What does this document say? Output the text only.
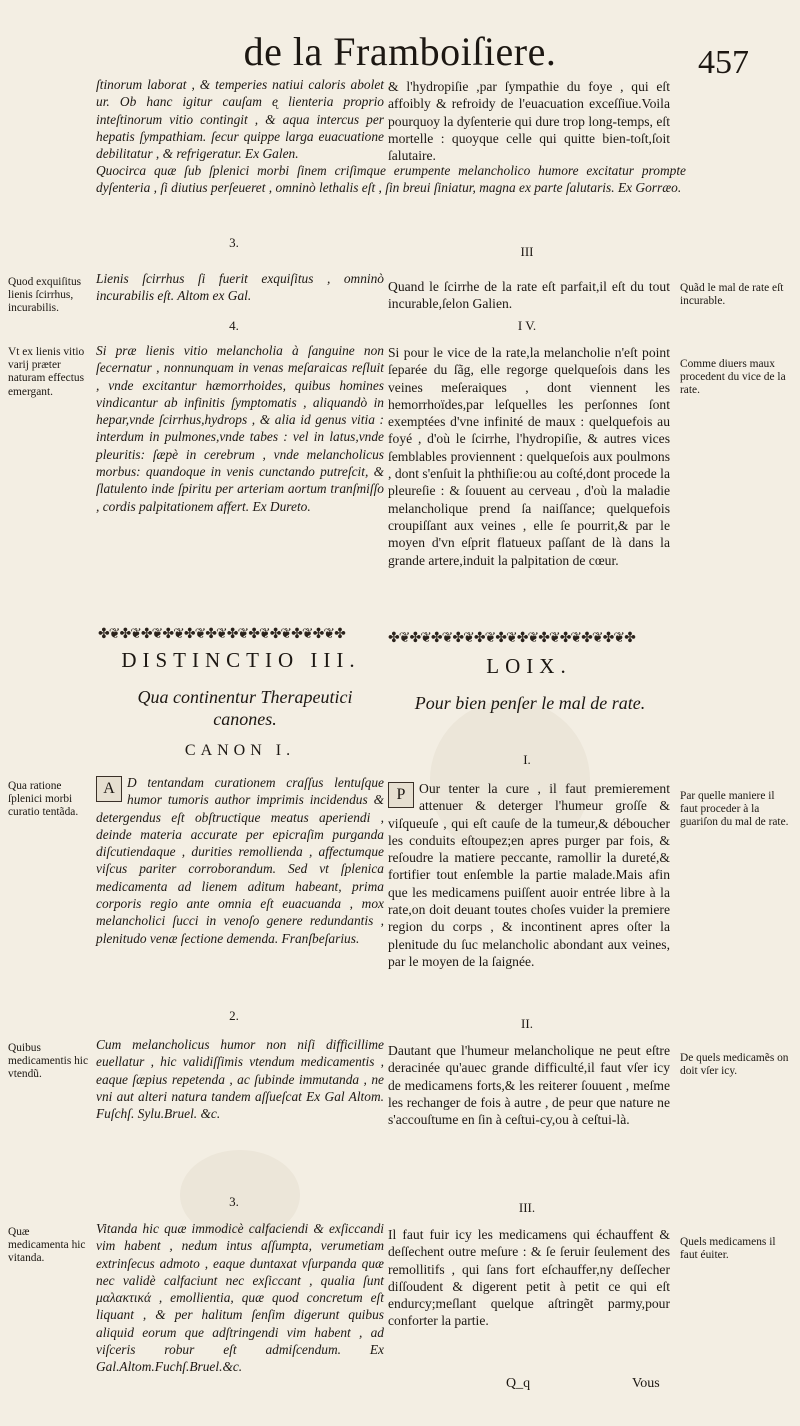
de la Framboiſiere.	457
ſtinorum laborat , & temperies natiui caloris abolet ur. Ob hanc igitur cauſam ᶒ lienteria proprio inteſtinorum vitio contingit , & aqua intercus per hepatis ſympathiam. ſecur quippe larga euacuatione debilitatur , & refrigeratur. Ex Galen.
& l'hydropiſie ,par ſympathie du foye , qui eſt affoibly & refroidy de l'euacuation exceſſiue.Voila pourquoy la dyſenterie qui dure trop long-temps, eſt mortelle : quoyque celle qui quitte bien-toſt,ſoit ſalutaire.
Quocirca quæ ſub ſplenici morbi ſinem criſimque erumpente melancholico humore excitatur prompte dyſenteria , ſi diutius perſeueret , omninò lethalis eſt , ſin breui ſiniatur, magna ex parte ſalutaris. Ex Gorræo.
3.
III
Quod exquiſitus lienis ſcirrhus, incurabilis.
Lienis ſcirrhus ſi fuerit exquiſitus , omninò incurabilis eſt. Altom ex Gal.
Quand le ſcirrhe de la rate eſt parfait,il eſt du tout incurable,ſelon Galien.
Quãd le mal de rate eſt incurable.
4.	I V.
Vt ex lienis vitio varij præter naturam effectus emergant.
Si præ lienis vitio melancholia à ſanguine non ſecernatur , nonnunquam in venas meſaraicas reſluit , vnde excitantur hæmorrhoides, quibus homines vindicantur ab infinitis ſymptomatis , aliquandò in hepar,vnde ſcirrhus,hydrops , & alia id genus vitia : interdum in pulmones,vnde tabes : vel in latus,vnde pleuritis: ſæpè in cerebrum , vnde melancholicus morbus: quandoque in venis cunctando putreſcit, & ſlatulento inde ſpiritu per arteriam aortum tranſmiſſo , cordis palpitationem affert. Ex Dureto.
Si pour le vice de la rate,la melancholie n'eſt point ſeparée du ſãg, elle regorge quelqueſois dans les veines meſeraiques , dont viennent les hemorrhoïdes,par leſquelles les perſonnes ſont exemptées d'vne infinité de maux : quelquefois au foyé , d'où le ſcirrhe, l'hydropiſie, & autres vices ſemblables proviennent : quelqueſois aux poulmons , dont s'enſuit la phthiſie:ou au coſté,dont procede la pleureſie : & ſouuent au cerveau , d'où la maladie melancholique prend ſa naiſſance; quelquefois croupiſſant aux veines , elle ſe pourrit,& par le moyen d'vn eſprit flatueux paſſant de là dans la grande artere,induit la palpitation de cœur.
Comme diuers maux procedent du vice de la rate.
✤❦✤❦✤❦✤❦✤❦✤❦✤❦✤❦✤❦✤❦✤❦✤	✤❦✤❦✤❦✤❦✤❦✤❦✤❦✤❦✤❦✤❦✤❦✤
DISTINCTIO III.	LOIX.
Qua continentur Therapeutici canones.
Pour bien penſer le mal de rate.
CANON I.
I.
Qua ratione ſplenici morbi curatio tentãda.
A D tentandam curationem craſſus lentuſque humor tumoris author imprimis incidendus & detergendus eſt obſtructique meatus aperiendi , deinde materia accurate per epicraſim purganda diſcutiendaque , durities remollienda , affectumque viſcus pariter corroborandum. Sed vt ſplenica medicamenta ad lienem aditum habeant, prima corporis regio ante omnia eſt euacuanda , mox melancholici ſucci in venoſo genere redundantis , plenitudo venæ ſectione demenda. Franſbeſarius.
P Our tenter la cure , il faut premierement attenuer & deterger l'humeur groſſe & viſqueuſe , qui eſt cauſe de la tumeur,& déboucher les conduits eſtoupez;en apres purger par fois, & reſoudre la matiere peccante, ramollir la dureté,& fortifier tout enſemble la partie malade.Mais afin que les medicamens puiſſent auoir entrée libre à la rate,on doit deuant toutes choſes vuider la premiere region du corps , & incontinent apres oſter la plenitude du ſuc melancholic abondant aux veines, par le moyen de la ſaignée.
Par quelle maniere il faut proceder à la guariſon du mal de rate.
2.
II.
Quibus medicamentis hic vtendũ.
Cum melancholicus humor non niſi difficillime euellatur , hic validiſſimis vtendum medicamentis , eaque ſæpius repetenda , ac ſubinde immutanda , ne vni aut alteri natura tandem aſſueſcat Ex Gal Altom. Fuſchſ. Sylu.Bruel. &c.
Dautant que l'humeur melancholique ne peut eſtre deracinée qu'auec grande difficulté,il faut vſer icy de medicamens forts,& les reiterer ſouuent , meſme les rechanger de fois à autre , de peur que nature ne s'accouſtume en ſin à ceſtui-cy,ou à ceſtui-là.
De quels medicamẽs on doit vſer icy.
3.	III.
Quæ medicamenta hic vitanda.
Vitanda hic quæ immodicè calfaciendi & exſiccandi vim habent , nedum intus aſſumpta, verumetiam extrinſecus admoto , eaque duntaxat vſurpanda quæ nec validè calfaciunt nec exſiccant , qualia ſunt μαλακτικά , emollientia, quæ quod concretum eſt liquant , & per halitum ſenſim digerunt quibus aliquid eorum que adſtringendi vim habent , ad viſceris robur eſt admiſcendum. Ex Gal.Altom.Fuchſ.Bruel.&c.
Il faut fuir icy les medicamens qui échauffent & deſſechent outre meſure : & ſe ſeruir ſeulement des remollitifs , qui ſans fort eſchauffer,ny deſſecher diſſoudent & digerent petit à petit ce qui eſt endurcy;meſlant quelque aſtringẽt parmy,pour conforter la partie.
Quels medicamens il faut éuiter.
Q_q	Vous
